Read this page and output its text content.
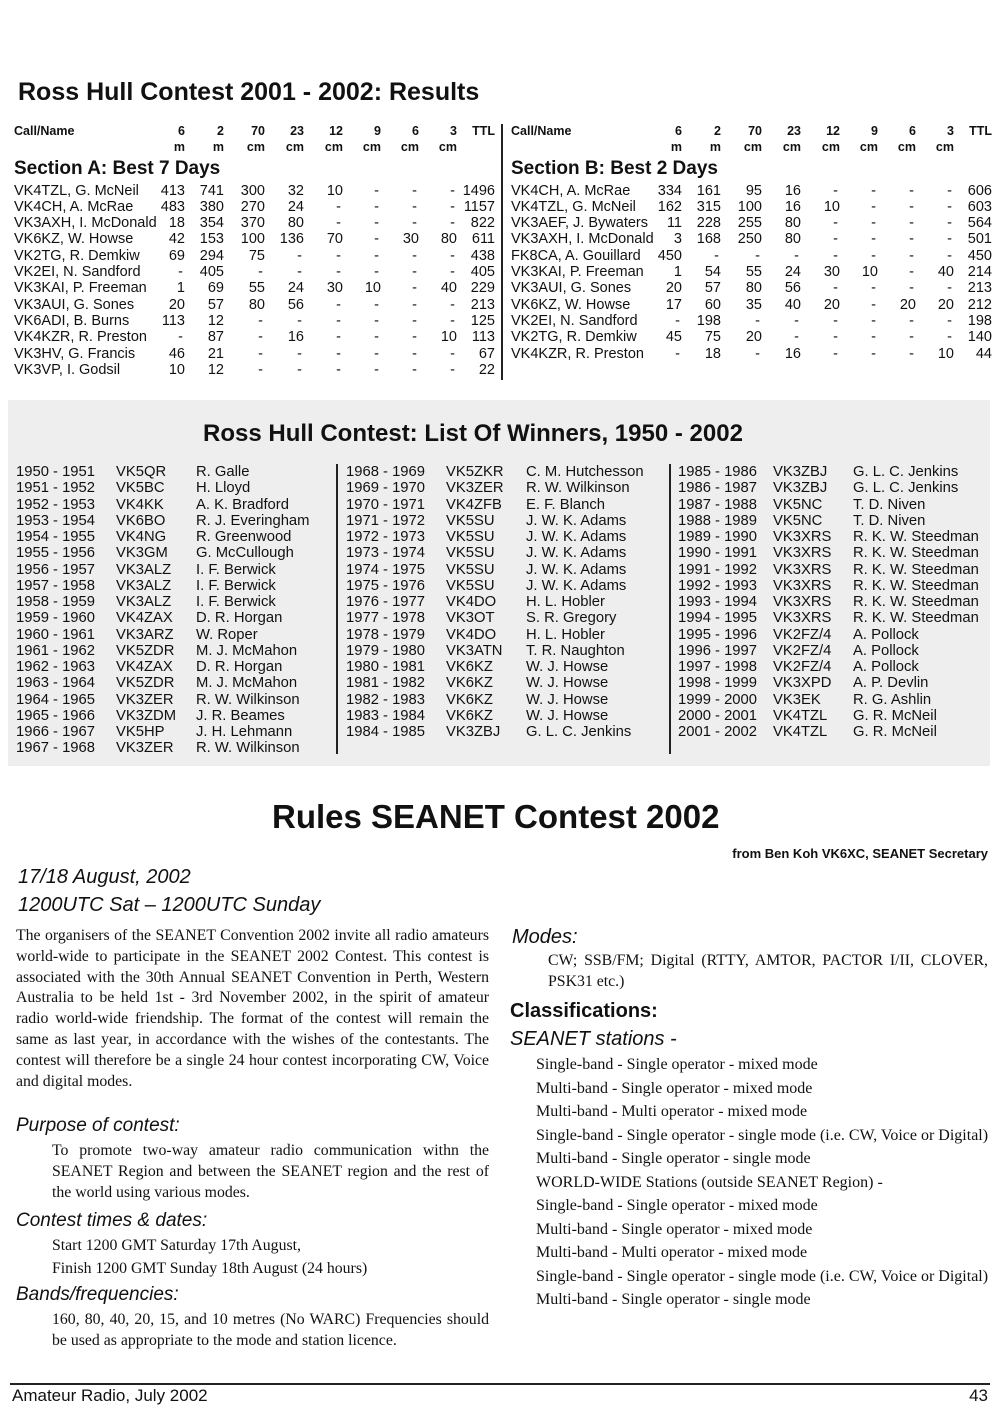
Ross Hull Contest 2001 - 2002: Results
Call/Name	6	2 70 23 12 9 6 3 TTL
m m cm cm cm cm cm cm
Section A: Best 7 Days
VK4TZL, G. McNeil 413 741 300 32 10 - - - 1496
VK4CH, A. McRae 483 380 270 24 - - - - 1157
VK3AXH, I. McDonald 18 354 370 80 - - - - 822
VK6KZ, W. Howse 42 153 100 136 70 - 30 80 611
VK2TG, R. Demkiw 69 294 75 - - - - - 438
VK2EI, N. Sandford	- 405 - - - - - - 405
VK3KAI, P. Freeman 1 69 55 24 30 10 - 40 229
VK3AUI, G. Sones 20 57 80 56 - - - - 213
VK6ADI, B. Burns 113 12 - - - - - - 125
VK4KZR, R. Preston - 87 - 16 - - - 10 113
VK3HV, G. Francis 46 21 - - - - - - 67
VK3VP, I. Godsil	10 12 - - - - - - 22
Call/Name	6	2 70 23 12 9 6 3 TTL
m m cm cm cm cm cm cm
Section B: Best 2 Days
VK4CH, A. McRae 334 161 95 16 - - - - 606
VK4TZL, G. McNeil 162 315 100 16 10 - - - 603
VK3AEF, J. Bywaters 11 228 255 80 - - - - 564
VK3AXH, I. McDonald 3 168 250 80 - - - - 501
FK8CA, A. Gouillard 450 - - - - - - - 450
VK3KAI, P. Freeman 1 54 55 24 30 10 - 40 214
VK3AUI, G. Sones 20 57 80 56 - - - - 213
VK6KZ, W. Howse 17 60 35 40 20 - 20 20 212
VK2EI, N. Sandford	- 198 - - - - - - 198
VK2TG, R. Demkiw 45 75 20 - - - - - 140
VK4KZR, R. Preston - 18 - 16 - - - 10 44
Ross Hull Contest: List Of Winners, 1950 - 2002
1950 - 1951 VK5QR R. Galle
1951 - 1952 VK5BC H. Lloyd
1952 - 1953 VK4KK A. K. Bradford
1953 - 1954 VK6BO R. J. Everingham
1954 - 1955 VK4NG R. Greenwood
1955 - 1956 VK3GM G. McCullough
1956 - 1957 VK3ALZ I. F. Berwick
1957 - 1958 VK3ALZ I. F. Berwick
1958 - 1959 VK3ALZ I. F. Berwick
1959 - 1960 VK4ZAX D. R. Horgan
1960 - 1961 VK3ARZ W. Roper
1961 - 1962 VK5ZDR M. J. McMahon
1962 - 1963 VK4ZAX D. R. Horgan
1963 - 1964 VK5ZDR M. J. McMahon
1964 - 1965 VK3ZER R. W. Wilkinson
1965 - 1966 VK3ZDM J. R. Beames
1966 - 1967 VK5HP J. H. Lehmann
1967 - 1968 VK3ZER R. W. Wilkinson
1968 - 1969 VK5ZKR C. M. Hutchesson
1969 - 1970 VK3ZER R. W. Wilkinson
1970 - 1971 VK4ZFB E. F. Blanch
1971 - 1972 VK5SU J. W. K. Adams
1972 - 1973 VK5SU J. W. K. Adams
1973 - 1974 VK5SU J. W. K. Adams
1974 - 1975 VK5SU J. W. K. Adams
1975 - 1976 VK5SU J. W. K. Adams
1976 - 1977 VK4DO H. L. Hobler
1977 - 1978 VK3OT S. R. Gregory
1978 - 1979 VK4DO H. L. Hobler
1979 - 1980 VK3ATN T. R. Naughton
1980 - 1981 VK6KZ W. J. Howse
1981 - 1982 VK6KZ W. J. Howse
1982 - 1983 VK6KZ W. J. Howse
1983 - 1984 VK6KZ W. J. Howse
1984 - 1985 VK3ZBJ G. L. C. Jenkins
1985 - 1986 VK3ZBJ G. L. C. Jenkins
1986 - 1987 VK3ZBJ G. L. C. Jenkins
1987 - 1988 VK5NC T. D. Niven
1988 - 1989 VK5NC T. D. Niven
1989 - 1990 VK3XRS R. K. W. Steedman
1990 - 1991 VK3XRS R. K. W. Steedman
1991 - 1992 VK3XRS R. K. W. Steedman
1992 - 1993 VK3XRS R. K. W. Steedman
1993 - 1994 VK3XRS R. K. W. Steedman
1994 - 1995 VK3XRS R. K. W. Steedman
1995 - 1996 VK2FZ/4 A. Pollock
1996 - 1997 VK2FZ/4 A. Pollock
1997 - 1998 VK2FZ/4 A. Pollock
1998 - 1999 VK3XPD A. P. Devlin
1999 - 2000 VK3EK R. G. Ashlin
2000 - 2001 VK4TZL G. R. McNeil
2001 - 2002 VK4TZL G. R. McNeil
Rules SEANET Contest 2002
from Ben Koh VK6XC, SEANET Secretary
17/18 August, 2002
1200UTC Sat – 1200UTC Sunday
The organisers of the SEANET Convention 2002 invite all radio amateurs world-wide to participate in the SEANET 2002 Contest. This contest is associated with the 30th Annual SEANET Convention in Perth, Western Australia to be held 1st - 3rd November 2002, in the spirit of amateur radio world-wide friendship. The format of the contest will remain the same as last year, in accordance with the wishes of the contestants. The contest will therefore be a single 24 hour contest incorporating CW, Voice and digital modes.
Purpose of contest:
To promote two-way amateur radio communication withn the SEANET Region and between the SEANET region and the rest of the world using various modes.
Contest times & dates:
Start 1200 GMT Saturday 17th August,
Finish 1200 GMT Sunday 18th August (24 hours)
Bands/frequencies:
160, 80, 40, 20, 15, and 10 metres (No WARC) Frequencies should be used as appropriate to the mode and station licence.
Modes:
CW; SSB/FM; Digital (RTTY, AMTOR, PACTOR I/II, CLOVER, PSK31 etc.)
Classifications:
SEANET stations -
Single-band - Single operator - mixed mode
Multi-band - Single operator - mixed mode
Multi-band - Multi operator - mixed mode
Single-band - Single operator - single mode (i.e. CW, Voice or Digital)
Multi-band - Single operator - single mode
WORLD-WIDE Stations (outside SEANET Region) -
Single-band - Single operator - mixed mode
Multi-band - Single operator - mixed mode
Multi-band - Multi operator - mixed mode
Single-band - Single operator - single mode (i.e. CW, Voice or Digital)
Multi-band - Single operator - single mode
Amateur Radio, July 2002	43
